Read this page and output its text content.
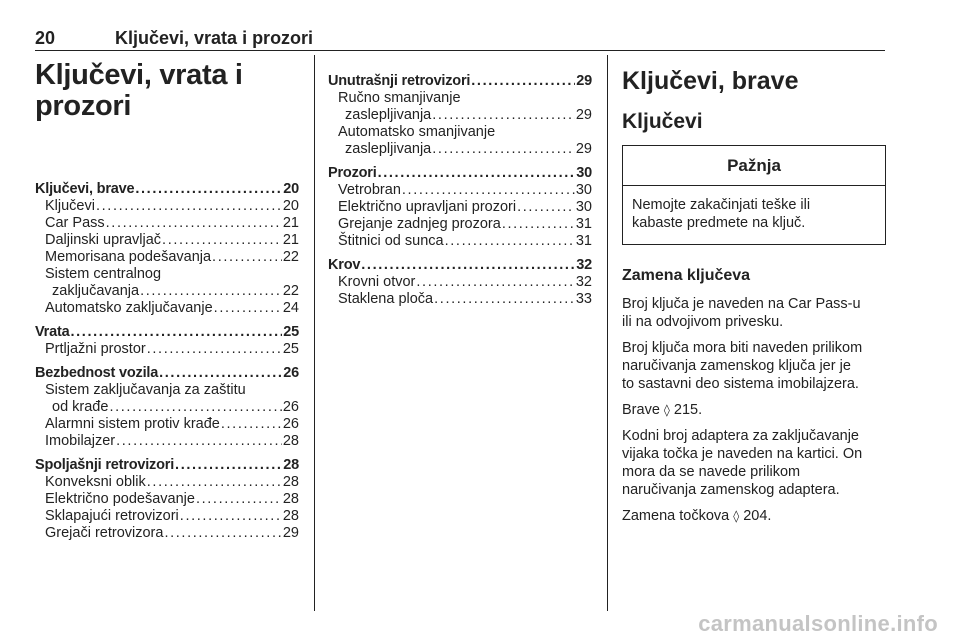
20	Ključevi, vrata i prozori
Ključevi, vrata i
prozori
Ključevi, brave . . .	20
Ključevi . . .	20
Car Pass . . .	21
Daljinski upravljač . . .	21
Memorisana podešavanja . . .	22
Sistem centralnog
zaključavanja . . .	22
Automatsko zaključavanje . . .	24
Vrata . . .	25
Prtljažni prostor . . .	25
Bezbednost vozila . . .	26
Sistem zaključavanja za zaštitu
od krađe . . .	26
Alarmni sistem protiv krađe . . .	26
Imobilajzer . . .	28
Spoljašnji retrovizori . . .	28
Konveksni oblik . . .	28
Električno podešavanje . . .	28
Sklapajući retrovizori . . .	28
Grejači retrovizora . . .	29
Unutrašnji retrovizori . . .	29
Ručno smanjivanje
zaslepljivanja . . .	29
Automatsko smanjivanje
zaslepljivanja . . .	29
Prozori . . .	30
Vetrobran . . .	30
Električno upravljani prozori . . .	30
Grejanje zadnjeg prozora . . .	31
Štitnici od sunca . . .	31
Krov . . .	32
Krovni otvor . . .	32
Staklena ploča . . .	33
Ključevi, brave
Ključevi
Pažnja
Nemojte zakačinjati teške ili
kabaste predmete na ključ.
Zamena ključeva
Broj ključa je naveden na Car Pass-u
ili na odvojivom privesku.
Broj ključa mora biti naveden prilikom
naručivanja zamenskog ključa jer je
to sastavni deo sistema imobilajzera.
Brave ◊ 215.
Kodni broj adaptera za zaključavanje
vijaka točka je naveden na kartici. On
mora da se navede prilikom
naručivanja zamenskog adaptera.
Zamena točkova ◊ 204.
carmanualsonline.info
